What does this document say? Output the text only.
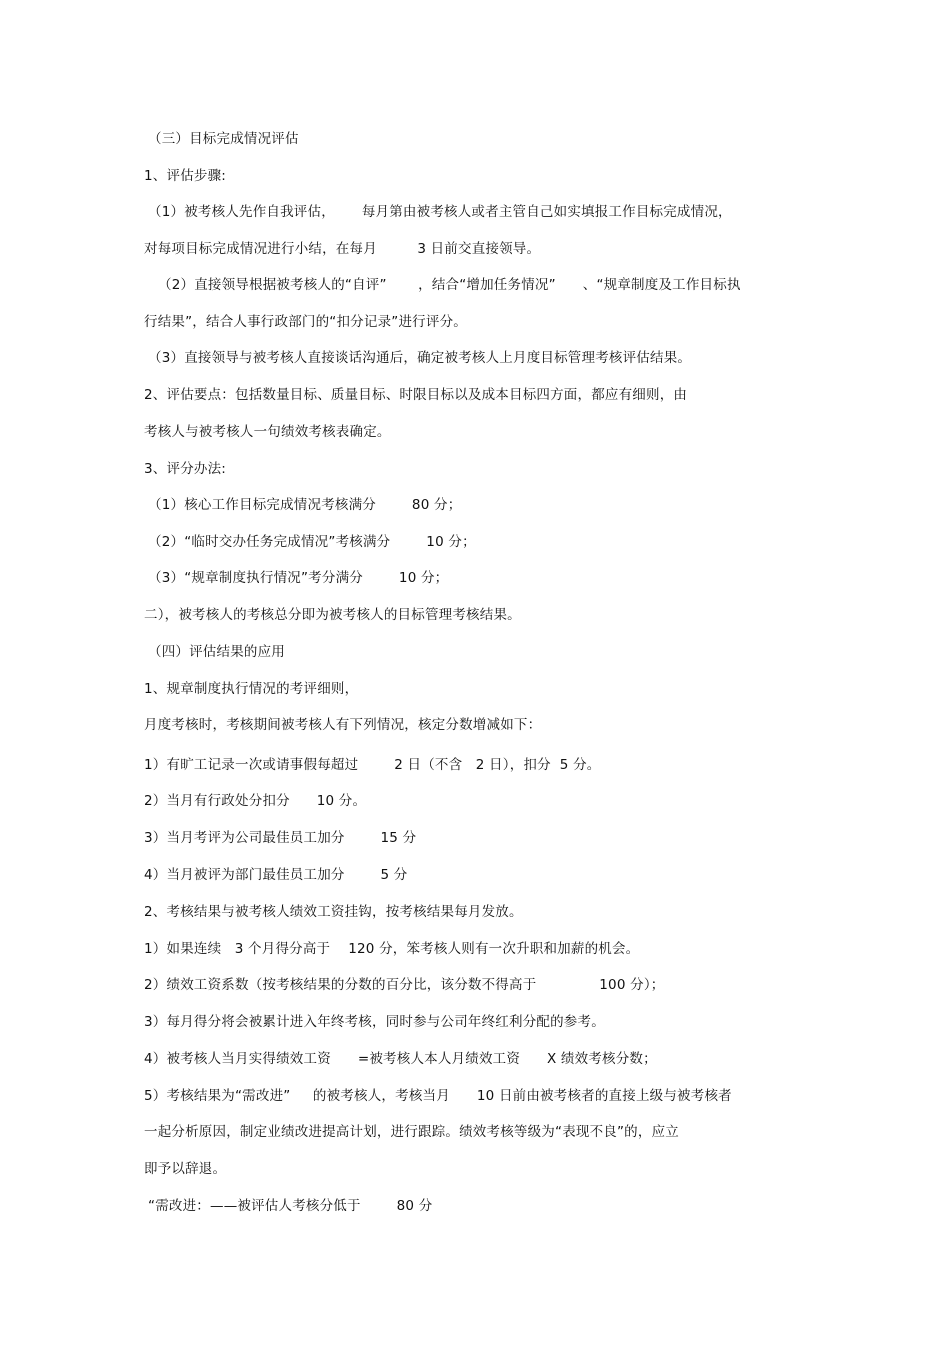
（三）目标完成情况评估
1、评估步骤:
（1）被考核人先作自我评估，      每月第由被考核人或者主管自己如实填报工作目标完成情况，
对每项目标完成情况进行小结，在每月         3 日前交直接领导。
（2）直接领导根据被考核人的“自评”       ，结合“增加任务情况”      、“规章制度及工作目标执
行结果”，结合人事行政部门的“扣分记录”进行评分。
（3）直接领导与被考核人直接谈话沟通后，确定被考核人上月度目标管理考核评估结果。
2、评估要点：包括数量目标、质量目标、时限目标以及成本目标四方面，都应有细则，由
考核人与被考核人一句绩效考核表确定。
3、评分办法:
（1）核心工作目标完成情况考核满分        80 分；
（2）“临时交办任务完成情况”考核满分        10 分；
（3）“规章制度执行情况”考分满分        10 分；
二），被考核人的考核总分即为被考核人的目标管理考核结果。
（四）评估结果的应用
1、规章制度执行情况的考评细则，
月度考核时，考核期间被考核人有下列情况，核定分数增减如下：
1）有旷工记录一次或请事假每超过        2 日（不含   2 日），扣分  5 分。
2）当月有行政处分扣分      10 分。
3）当月考评为公司最佳员工加分        15 分
4）当月被评为部门最佳员工加分        5 分
2、考核结果与被考核人绩效工资挂钩，按考核结果每月发放。
1）如果连续   3 个月得分高于    120 分，笨考核人则有一次升职和加薪的机会。
2）绩效工资系数（按考核结果的分数的百分比，该分数不得高于              100 分）；
3）每月得分将会被累计进入年终考核，同时参与公司年终红利分配的参考。
4）被考核人当月实得绩效工资      =被考核人本人月绩效工资      X 绩效考核分数；
5）考核结果为“需改进”     的被考核人，考核当月      10 日前由被考核者的直接上级与被考核者
一起分析原因，制定业绩改进提高计划，进行跟踪。绩效考核等级为“表现不良”的，应立
即予以辞退。
“需改进：——被评估人考核分低于        80 分
